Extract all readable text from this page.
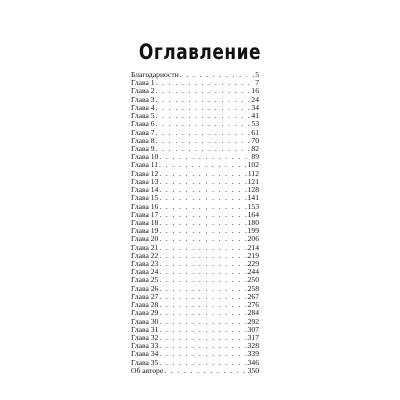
Оглавление
Благодарности . . .	5
Глава 1 . . .	7
Глава 2 . . .	16
Глава 3 . . .	24
Глава 4 . . .	34
Глава 5 . . .	41
Глава 6 . . .	53
Глава 7 . . .	61
Глава 8 . . .	70
Глава 9 . . .	82
Глава 10 . . .	89
Глава 11 . . .	102
Глава 12 . . .	112
Глава 13 . . .	121
Глава 14 . . .	128
Глава 15 . . .	141
Глава 16 . . .	153
Глава 17 . . .	164
Глава 18 . . .	180
Глава 19 . . .	199
Глава 20 . . .	206
Глава 21 . . .	214
Глава 22 . . .	219
Глава 23 . . .	229
Глава 24 . . .	244
Глава 25 . . .	250
Глава 26 . . .	258
Глава 27 . . .	267
Глава 28 . . .	276
Глава 29 . . .	284
Глава 30 . . .	292
Глава 31 . . .	307
Глава 32 . . .	317
Глава 33 . . .	328
Глава 34 . . .	339
Глава 35 . . .	346
Об авторе . . .	350
